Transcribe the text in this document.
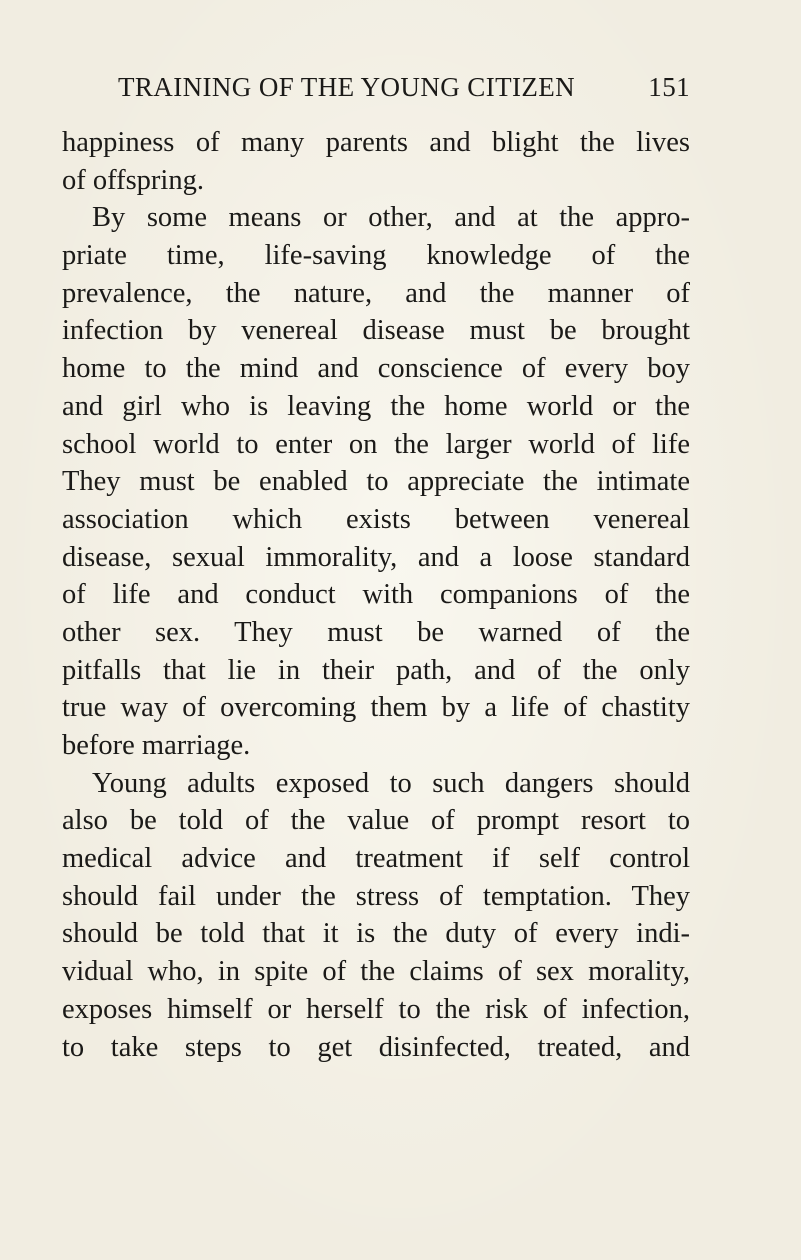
TRAINING OF THE YOUNG CITIZEN	151
happiness of many parents and blight the lives
of offspring.
By some means or other, and at the appro-
priate time, life-saving knowledge of the
prevalence, the nature, and the manner of
infection by venereal disease must be brought
home to the mind and conscience of every boy
and girl who is leaving the home world or the
school world to enter on the larger world of life
They must be enabled to appreciate the intimate
association which exists between venereal
disease, sexual immorality, and a loose standard
of life and conduct with companions of the
other sex. They must be warned of the
pitfalls that lie in their path, and of the only
true way of overcoming them by a life of chastity
before marriage.
Young adults exposed to such dangers should
also be told of the value of prompt resort to
medical advice and treatment if self control
should fail under the stress of temptation. They
should be told that it is the duty of every indi-
vidual who, in spite of the claims of sex morality,
exposes himself or herself to the risk of infection,
to take steps to get disinfected, treated, and
